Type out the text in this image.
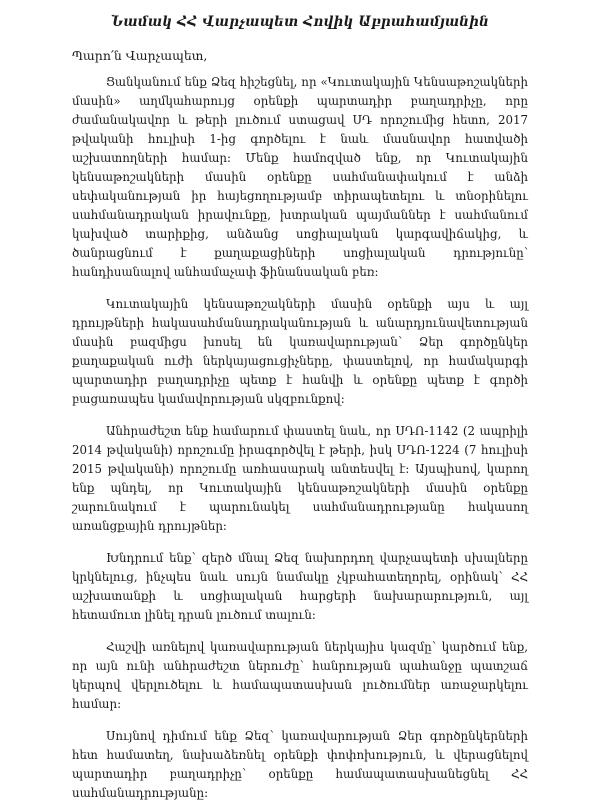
Նամակ ՀՀ Վարչապետ Հովիկ Աբրահամյանին
Պարո՛ն Վարչապետ,

Ցանկանում ենք Ձեզ հիշեցնել, որ «Կուտակային Կենսաթոշակների մասին» աղմկահարույց օրենքի պարտադիր բաղադրիչը, որը ժամանակավոր և թերի լուծում ստացավ ՍԴ որոշումից հետո, 2017 թվականի հուլիսի 1-ից գործելու է նաև մասնավոր հատվածի աշխատողների համար: Մենք համոզված ենք, որ Կուտակային կենսաթոշակների մասին օրենքը սահմանափակում է անձի սեփականության իր հայեցողությամբ տիրապետելու և տնօրինելու սահմանադրական իրավունքը, խտրական պայմաններ է սահմանում կախված տարիքից, անձանց սոցիալական կարգավիճակից, և ծանրացնում է քաղաքացիների սոցիալական դրությունը՝ հանդիսանալով անհամաչափ ֆինանսական բեռ:

Կուտակային կենսաթոշակների մասին օրենքի այս և այլ դրույթների հակասահմանադրականության և անարդյունավետության մասին բազմիցս խոսել են կառավարության՝ Ձեր գործընկեր քաղաքական ուժի ներկայացուցիչները, փաստելով, որ համակարգի պարտադիր բաղադրիչը պետք է հանվի և օրենքը պետք է գործի բացառապես կամավորության սկզբունքով:

Անհրաժեշտ ենք համարում փաստել նաև, որ ՍԴՈ-1142 (2 ապրիլի 2014 թվականի) որոշումը իրագործվել է թերի, իսկ ՍԴՈ-1224 (7 հուլիսի 2015 թվականի) որոշումը առհասարակ անտեսվել է: Այսպիսով, կարող ենք պնդել, որ Կուտակային կենսաթոշակների մասին օրենքը շարունակում է պարունակել սահմանադրությանը հակասող առանցքային դրույթներ:

Խնդրում ենք՝ զերծ մնալ Ձեզ նախորդող վարչապետի սխալները կրկնելուց, ինչպես նաև սույն նամակը չկբահատեղորել, օրինակ՝ ՀՀ աշխատանքի և սոցիալական հարցերի նախարարություն, այլ հետամուտ լինել դրան լուծում տալուն:

Հաշվի առնելով կառավարության ներկայիս կազմը՝ կարծում ենք, որ այն ունի անհրաժեշտ ներուժը՝ հանրության պահանջը պատշաճ կերպով վերլուծելու և համապատասխան լուծումներ առաջարկելու համար:

Սույնով դիմում ենք Ձեզ՝ կառավարության Ձեր գործընկերների հետ համատեղ, նախաձեռնել օրենքի փոփոխություն, և վերացնելով պարտադիր բաղադրիչը՝ օրենքը համապատասխանեցնել ՀՀ սահմանադրությանը:
